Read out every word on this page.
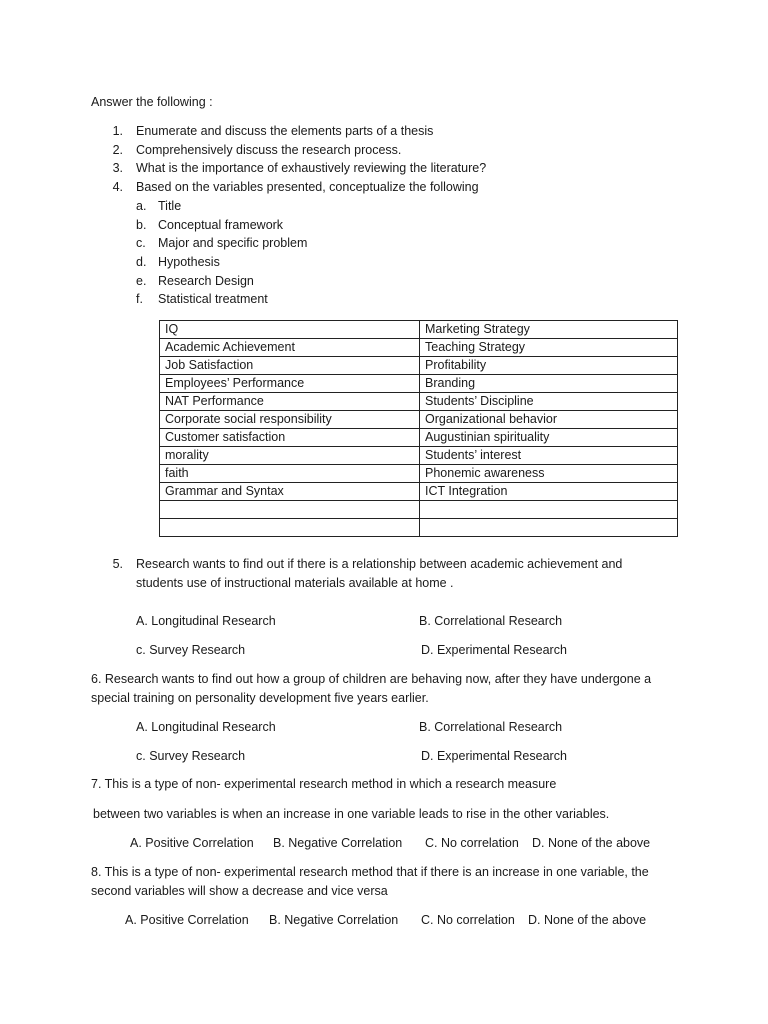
Answer the following :
1. Enumerate and discuss the elements parts of a thesis
2. Comprehensively discuss the research process.
3. What is the importance of exhaustively reviewing the literature?
4. Based on the variables presented, conceptualize the following
a. Title
b. Conceptual framework
c. Major and specific problem
d. Hypothesis
e. Research Design
f. Statistical treatment
IQ	Marketing Strategy
Academic Achievement	Teaching Strategy
Job Satisfaction	Profitability
Employees’ Performance	Branding
NAT Performance	Students’ Discipline
Corporate social responsibility	Organizational behavior
Customer satisfaction	Augustinian spirituality
morality	Students’ interest
faith	Phonemic awareness
Grammar and Syntax	ICT Integration

5. Research wants to find out if there is a relationship between academic achievement and
students use of instructional materials available at home .
A. Longitudinal Research	B. Correlational Research
c. Survey Research	D. Experimental Research
6. Research wants to find out how a group of children are behaving now, after they have undergone a
special training on personality development five years earlier.
A. Longitudinal Research	B. Correlational Research
c. Survey Research	D. Experimental Research
7. This is a type of non- experimental research method in which a research measure
between two variables is when an increase in one variable leads to rise in the other variables.
A. Positive Correlation B. Negative Correlation C. No correlation D. None of the above
8. This is a type of non- experimental research method that if there is an increase in one variable, the
second variables will show a decrease and vice versa
A. Positive Correlation B. Negative Correlation C. No correlation D. None of the above
